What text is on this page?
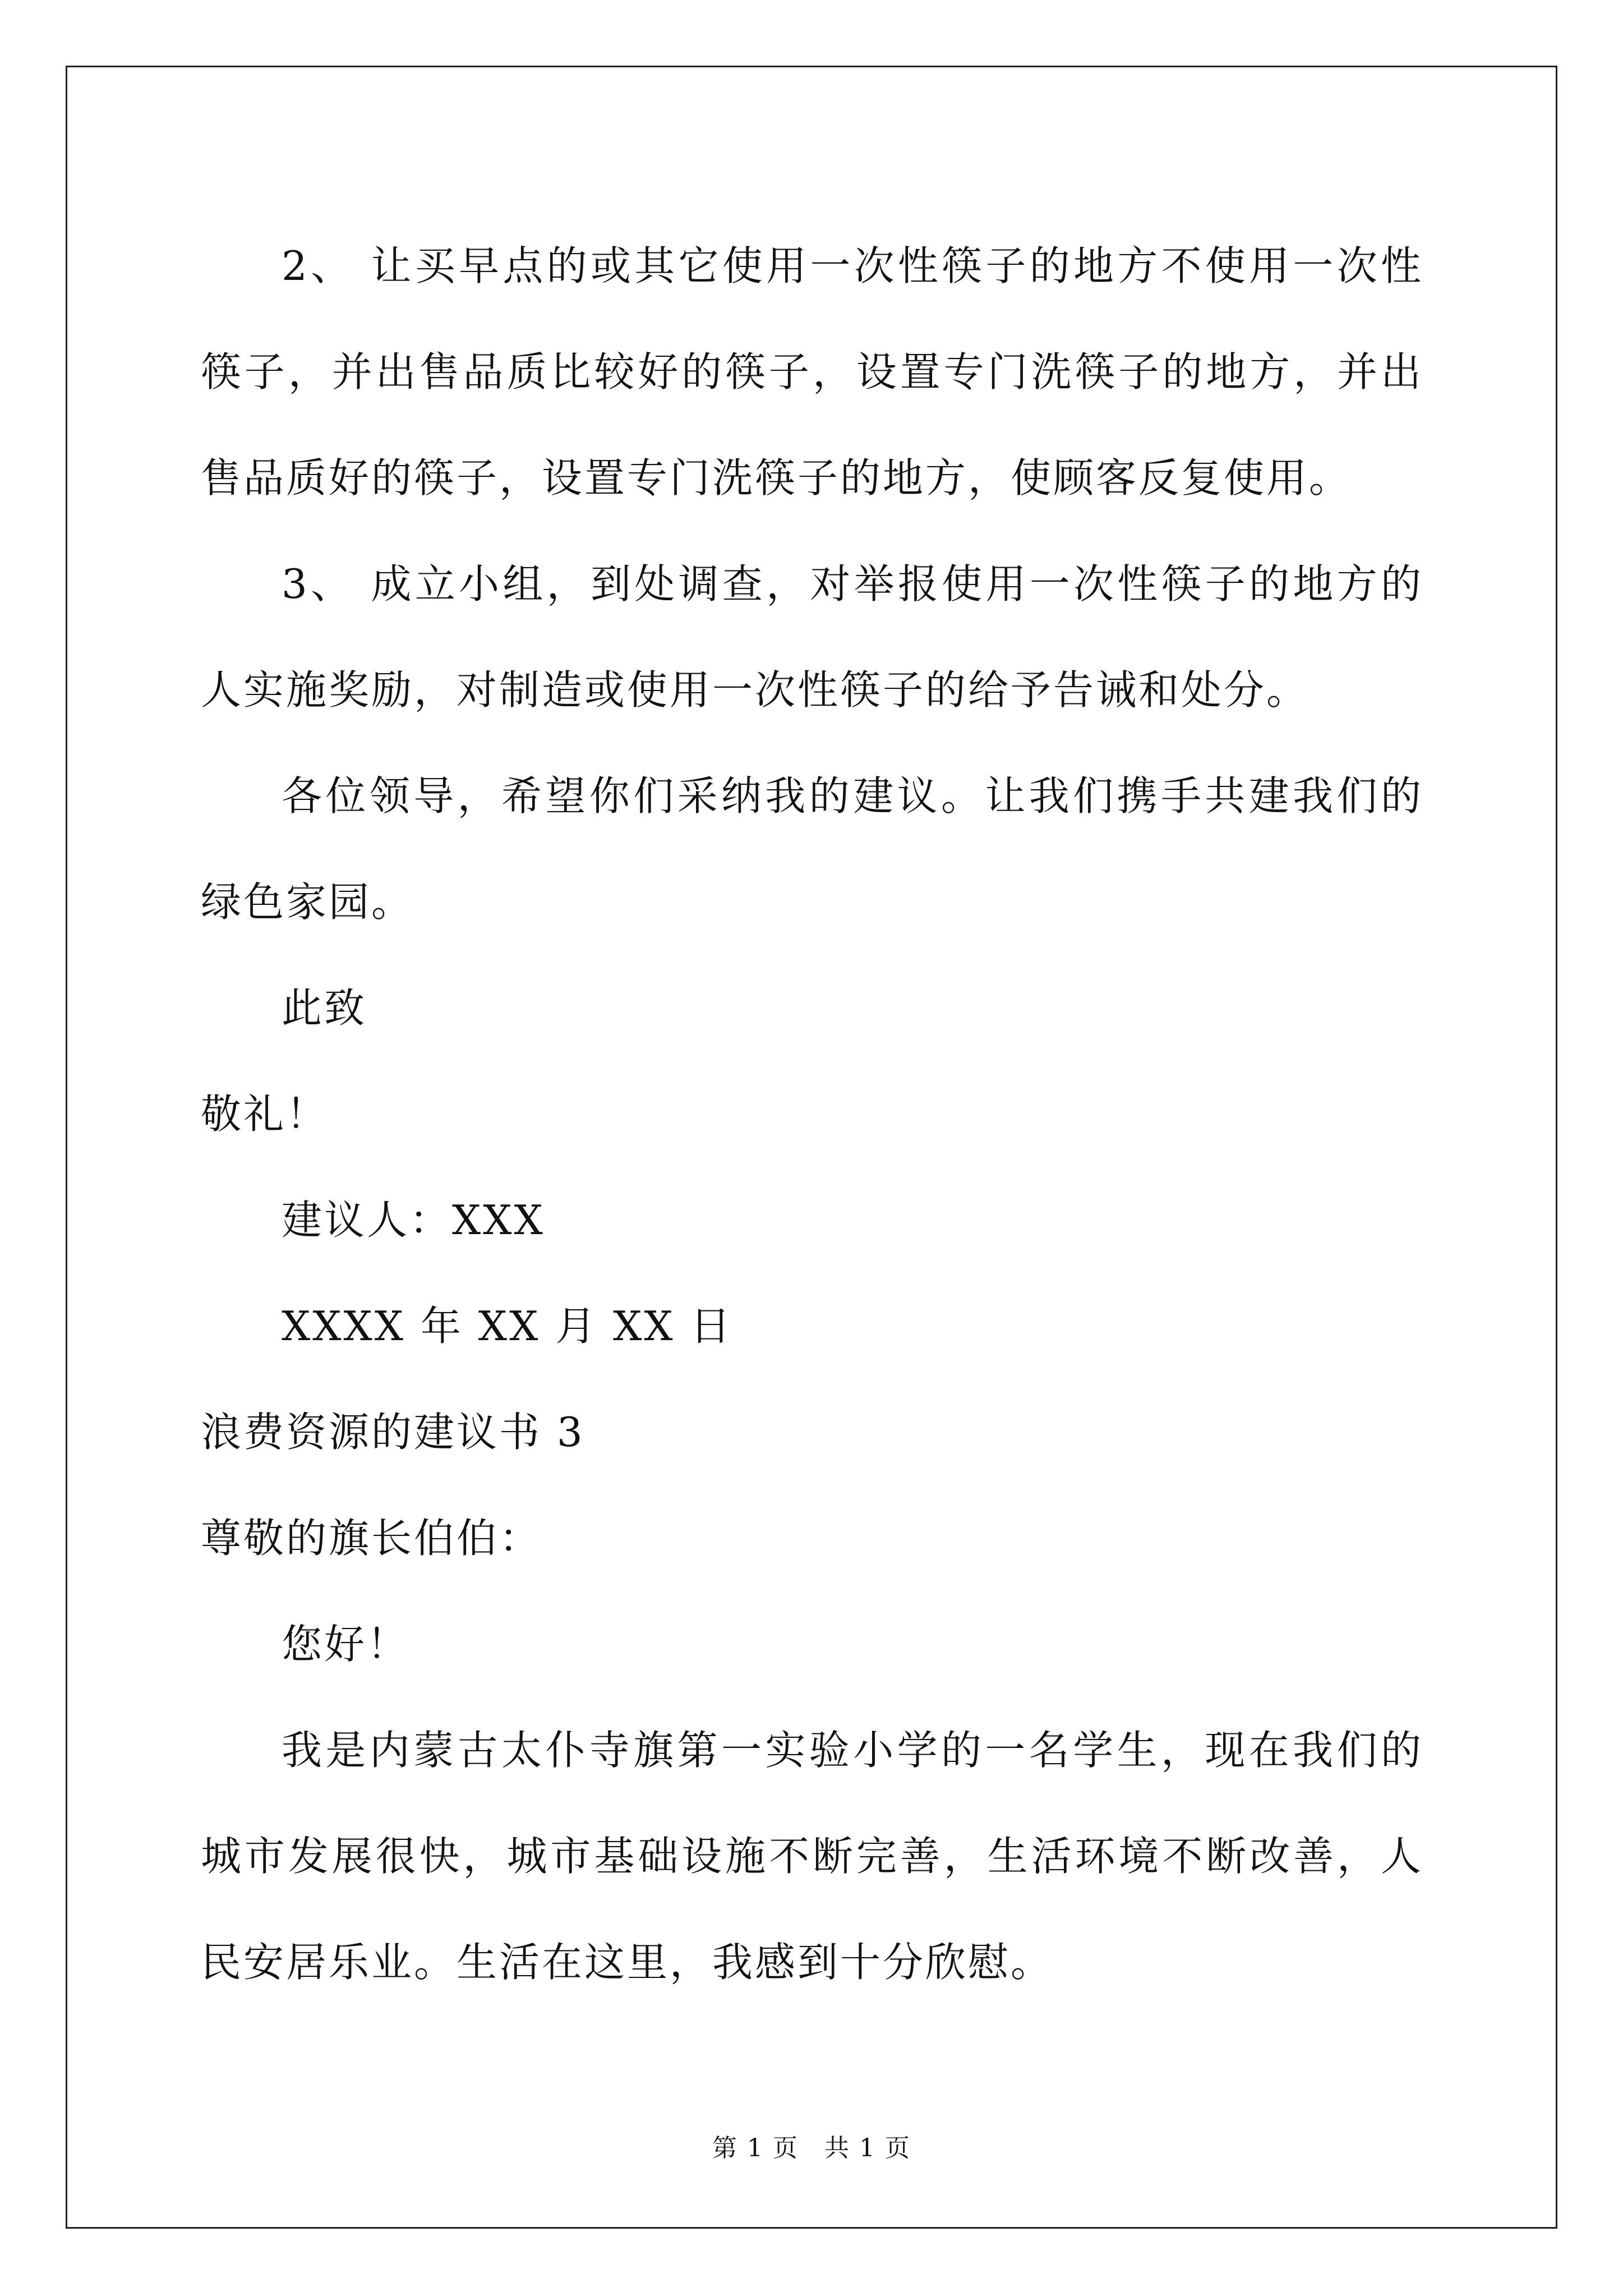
2、 让买早点的或其它使用一次性筷子的地方不使用一次性筷子，并出售品质比较好的筷子，设置专门洗筷子的地方，并出售品质好的筷子，设置专门洗筷子的地方，使顾客反复使用。

3、 成立小组，到处调查，对举报使用一次性筷子的地方的人实施奖励，对制造或使用一次性筷子的给予告诫和处分。

各位领导，希望你们采纳我的建议。让我们携手共建我们的绿色家园。

此致

敬礼！

建议人：XXX

XXXX 年 XX 月 XX 日

浪费资源的建议书 3

尊敬的旗长伯伯：

您好！

我是内蒙古太仆寺旗第一实验小学的一名学生，现在我们的城市发展很快，城市基础设施不断完善，生活环境不断改善，人民安居乐业。生活在这里，我感到十分欣慰。

第 1 页　共 1 页
